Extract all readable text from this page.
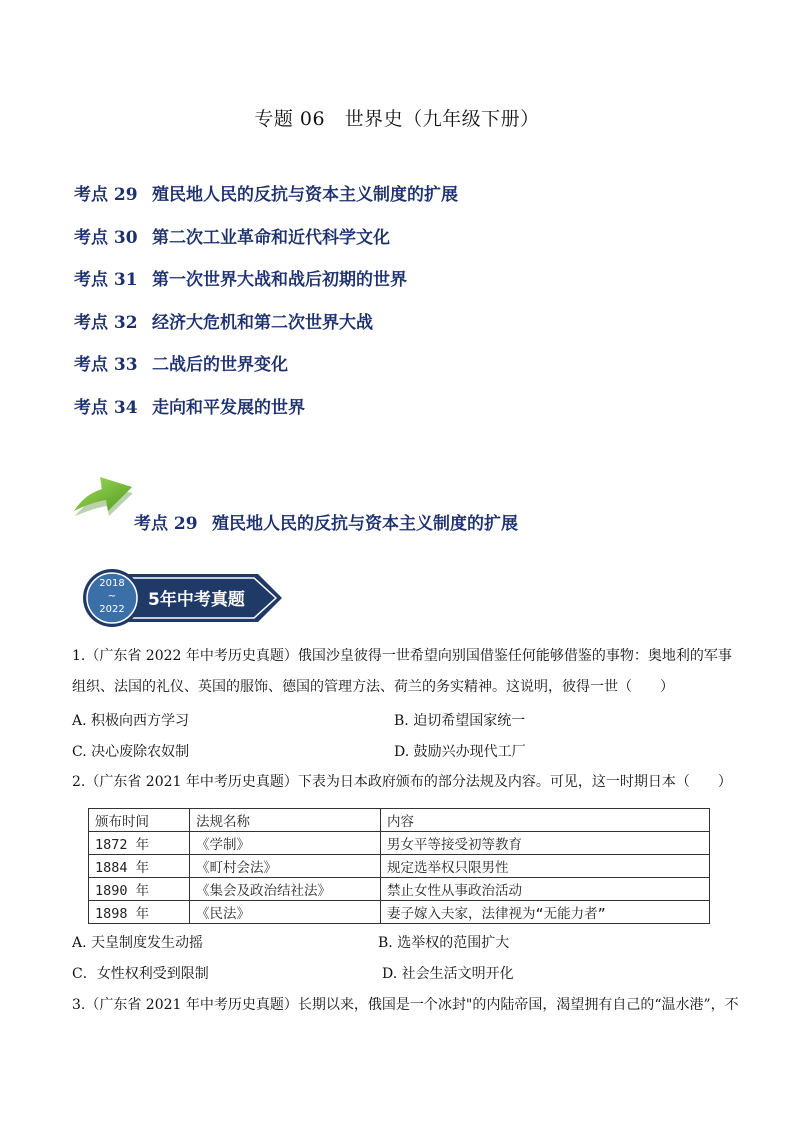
专题 06　世界史（九年级下册）
考点 29 殖民地人民的反抗与资本主义制度的扩展
考点 30 第二次工业革命和近代科学文化
考点 31 第一次世界大战和战后初期的世界
考点 32 经济大危机和第二次世界大战
考点 33 二战后的世界变化
考点 34 走向和平发展的世界
考点 29 殖民地人民的反抗与资本主义制度的扩展
2018
~
2022	5年中考真题
1.（广东省 2022 年中考历史真题）俄国沙皇彼得一世希望向别国借鉴任何能够借鉴的事物：奥地利的军事组织、法国的礼仪、英国的服饰、德国的管理方法、荷兰的务实精神。这说明，彼得一世（　　）
A. 积极向西方学习	B. 迫切希望国家统一
C. 决心废除农奴制	D. 鼓励兴办现代工厂
2.（广东省 2021 年中考历史真题）下表为日本政府颁布的部分法规及内容。可见，这一时期日本（　　）
颁布时间	法规名称	内容
1872 年	《学制》	男女平等接受初等教育
1884 年	《町村会法》	规定选举权只限男性
1890 年	《集会及政治结社法》	禁止女性从事政治活动
1898 年	《民法》	妻子嫁入夫家，法律视为“无能力者”
A. 天皇制度发生动摇	B. 选举权的范围扩大
C．女性权利受到限制	D. 社会生活文明开化
3.（广东省 2021 年中考历史真题）长期以来，俄国是一个冰封"的内陆帝国，渴望拥有自己的“温水港”，不
